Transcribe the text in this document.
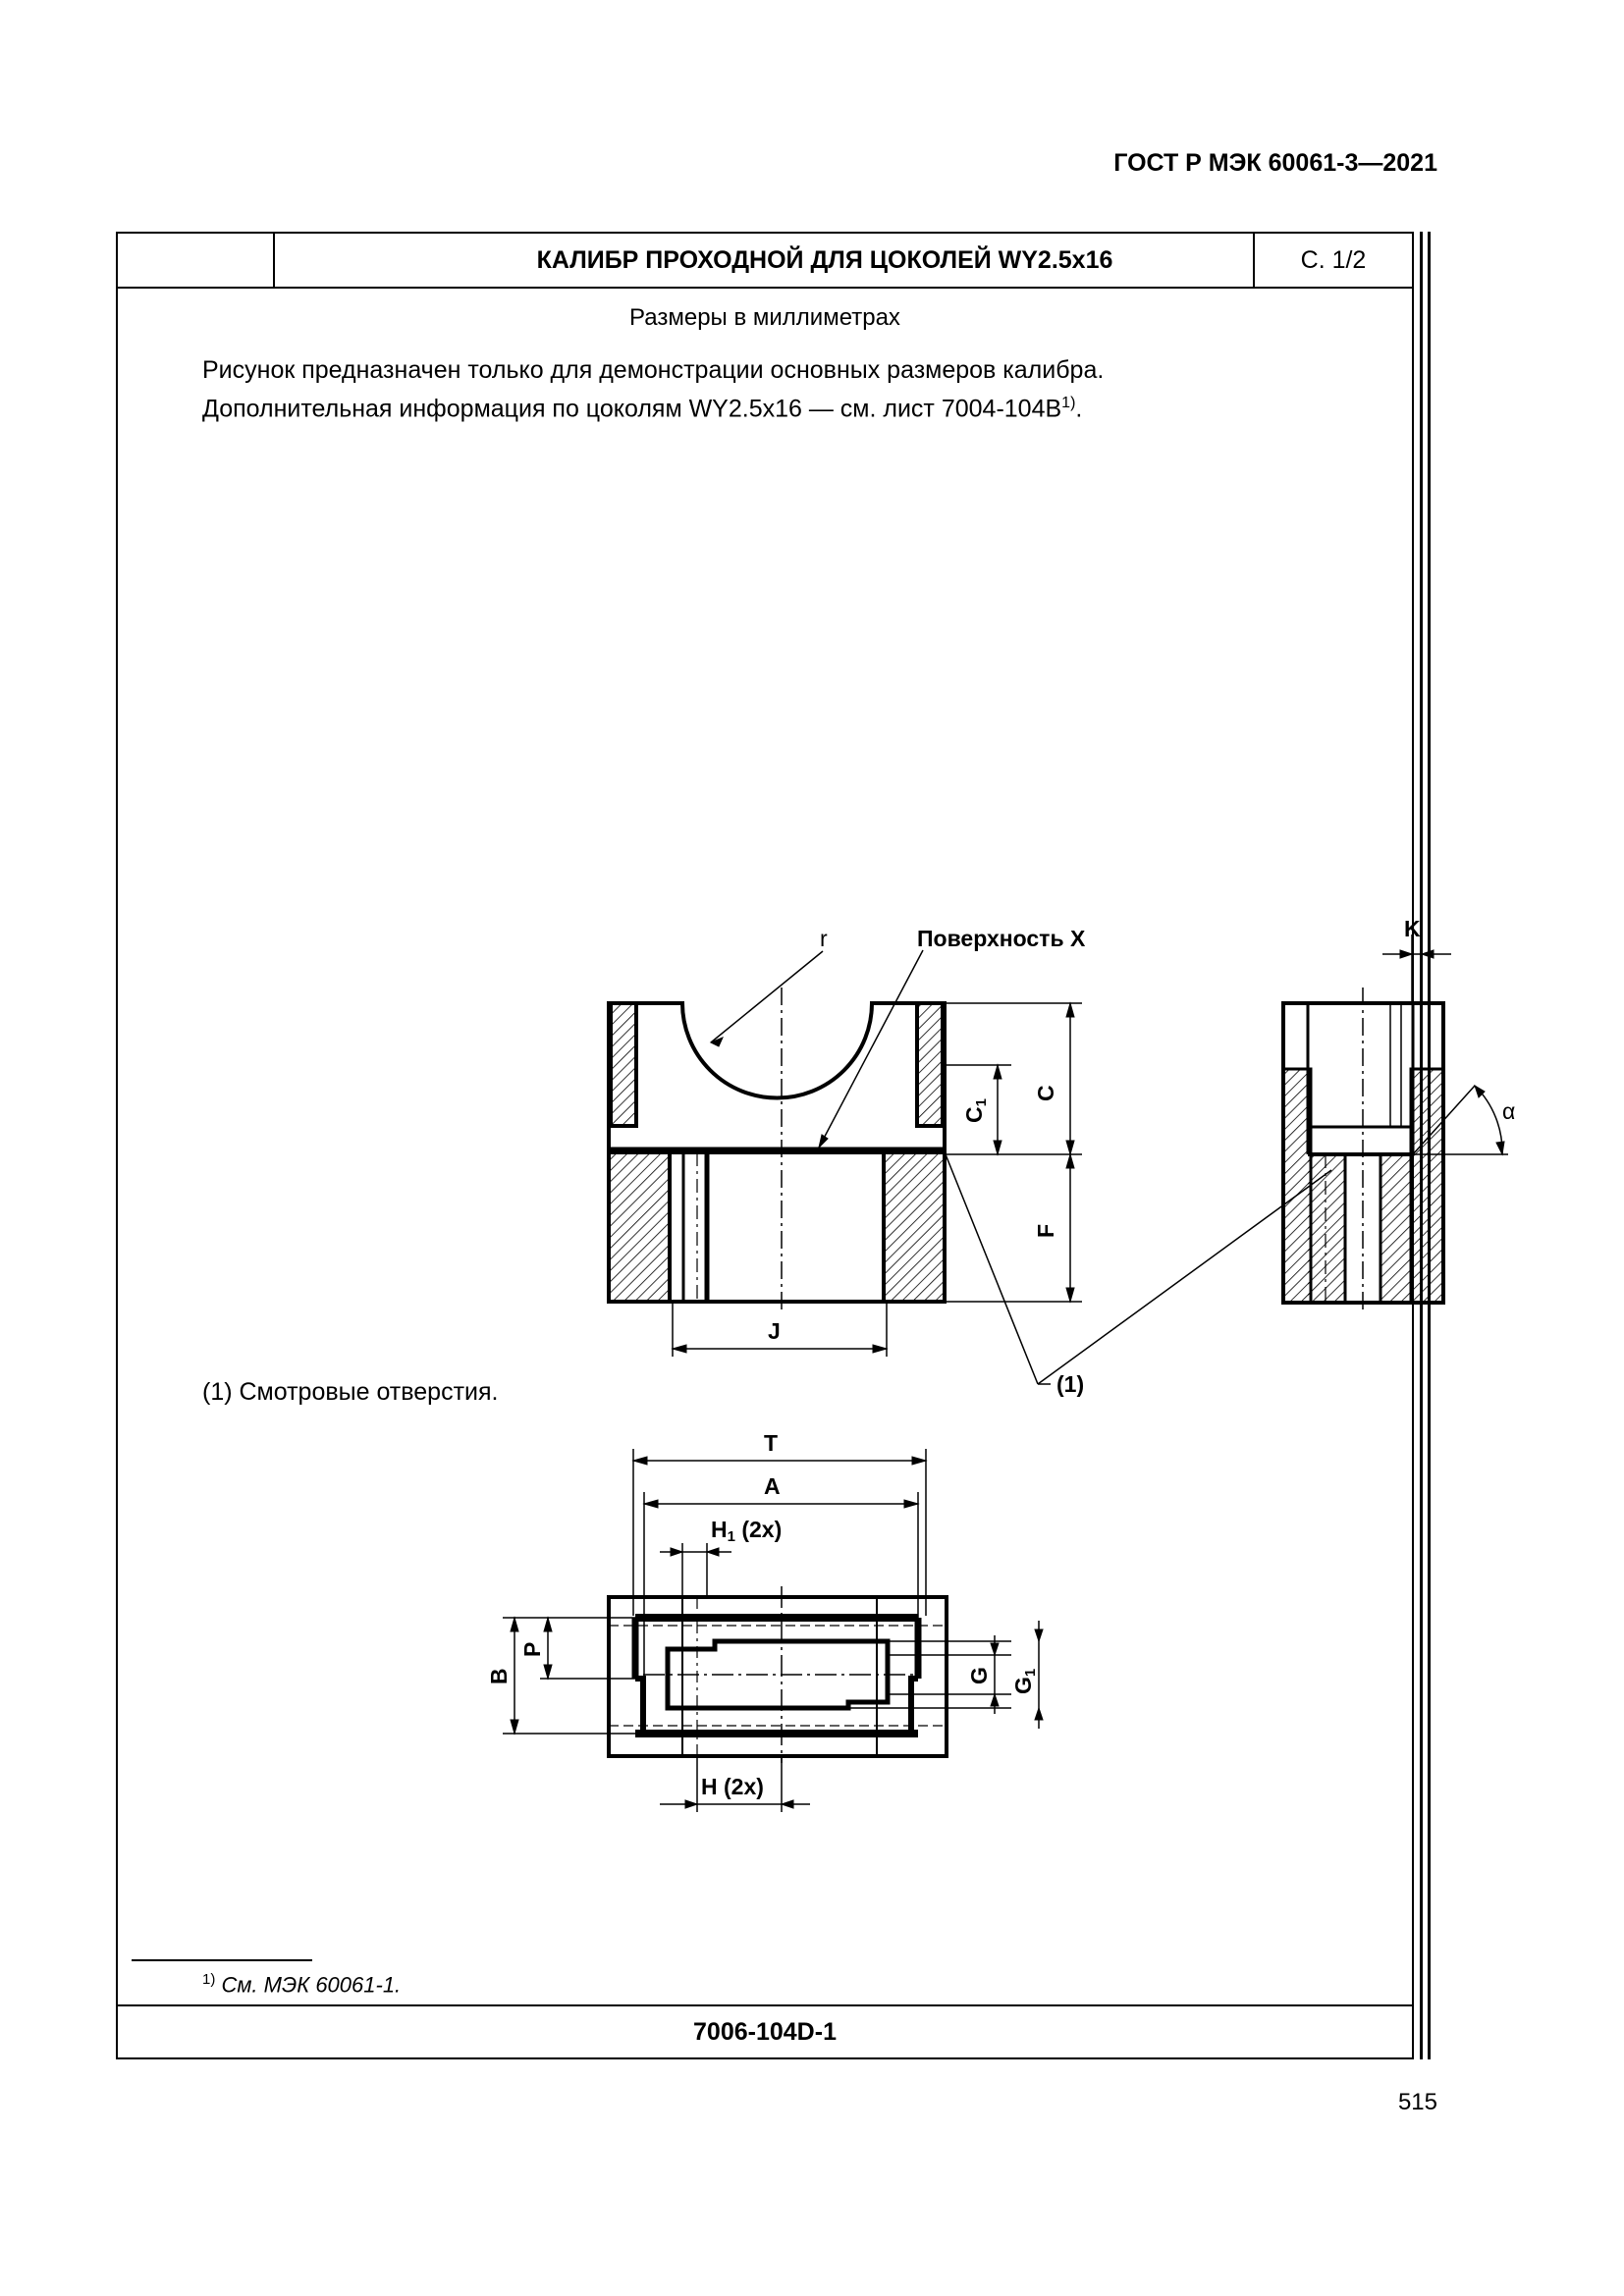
ГОСТ Р МЭК 60061-3—2021
КАЛИБР ПРОХОДНОЙ ДЛЯ ЦОКОЛЕЙ WY2.5x16	С. 1/2
Размеры в миллиметрах
Рисунок предназначен только для демонстрации основных размеров калибра.
Дополнительная информация по цоколям WY2.5x16 — см. лист $7004-104B^{1)}$.
r	Поверхность X	K
α
C
C1
F
J
(1)
T
A
H1 (2x)
H (2x)
B
P
G
G1
(1) Смотровые отверстия.
$^{1)}$ См. МЭК 60061-1.
7006-104D-1
515
